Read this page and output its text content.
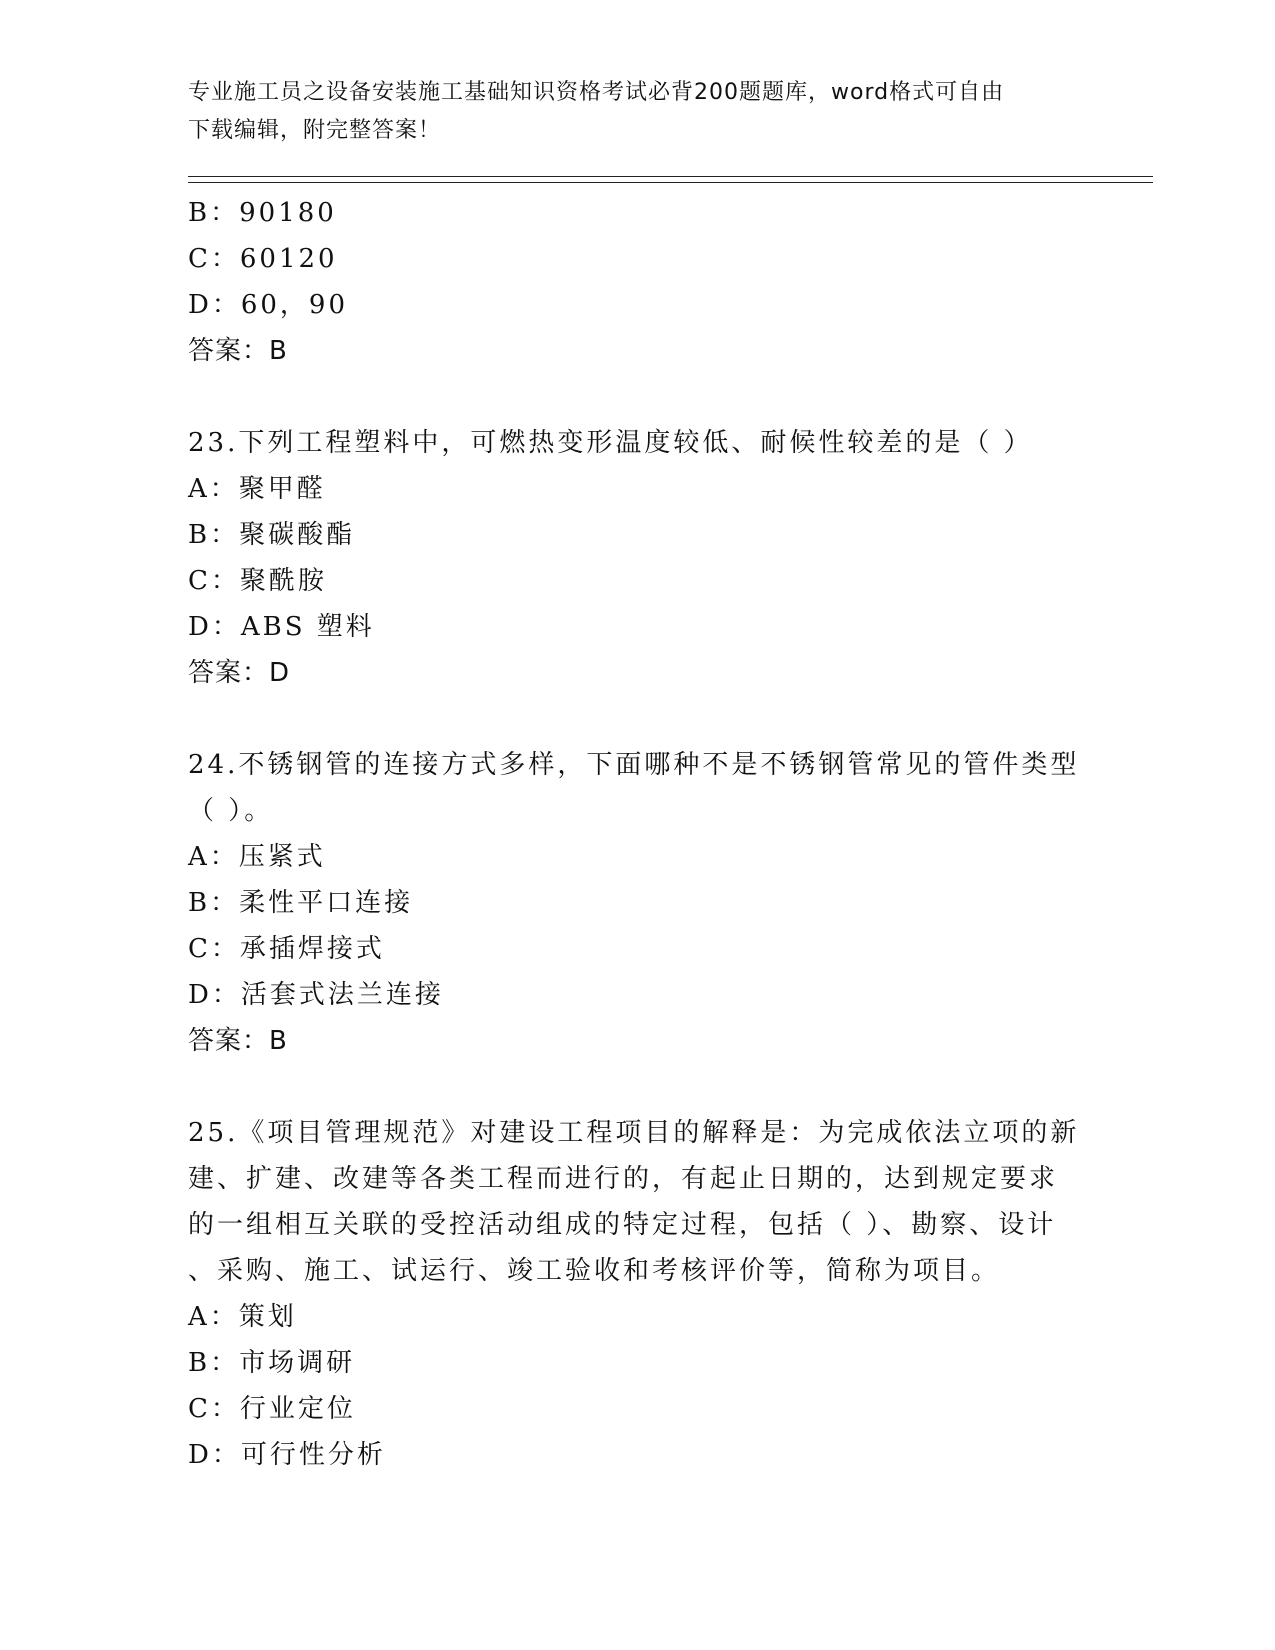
专业施工员之设备安装施工基础知识资格考试必背200题题库，word格式可自由
下载编辑，附完整答案！
B：90180
C：60120
D：60，90
答案：B
23.下列工程塑料中，可燃热变形温度较低、耐候性较差的是（ ）
A：聚甲醛
B：聚碳酸酯
C：聚酰胺
D：ABS 塑料
答案：D
24.不锈钢管的连接方式多样，下面哪种不是不锈钢管常见的管件类型
（ ）。
A：压紧式
B：柔性平口连接
C：承插焊接式
D：活套式法兰连接
答案：B
25.《项目管理规范》对建设工程项目的解释是：为完成依法立项的新
建、扩建、改建等各类工程而进行的，有起止日期的，达到规定要求
的一组相互关联的受控活动组成的特定过程，包括（ ）、勘察、设计
、采购、施工、试运行、竣工验收和考核评价等，简称为项目。
A：策划
B：市场调研
C：行业定位
D：可行性分析
